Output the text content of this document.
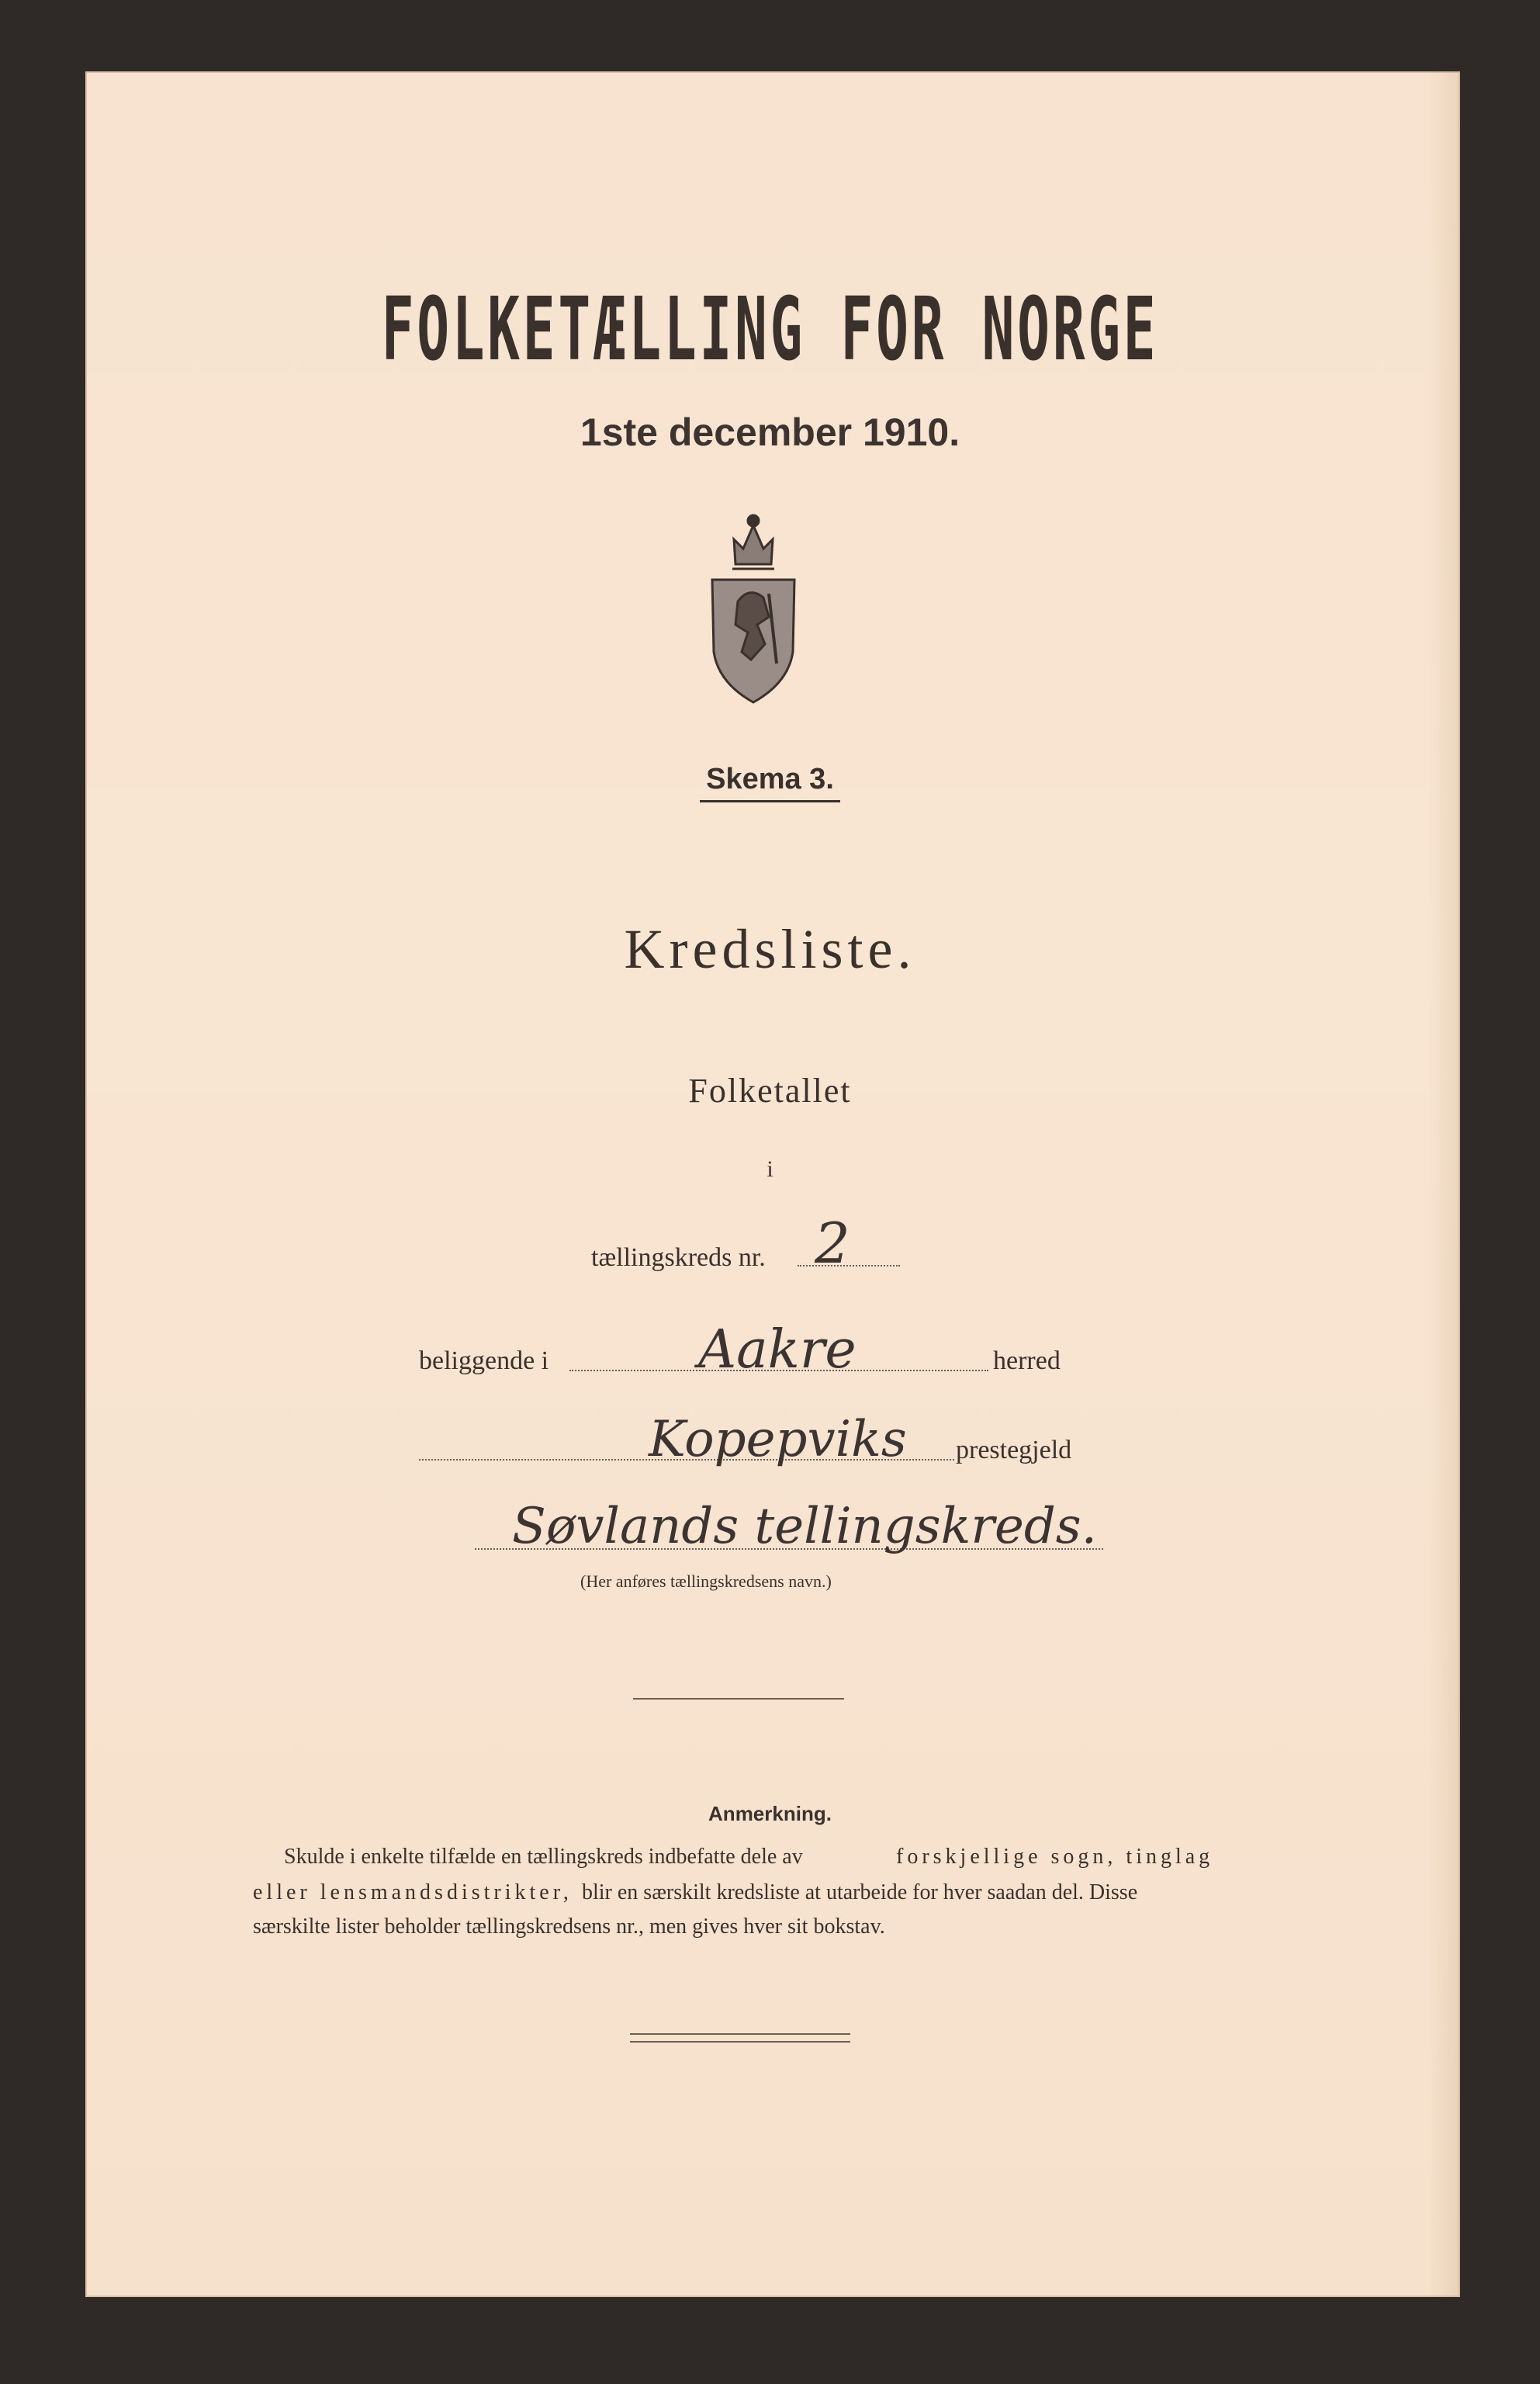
FOLKETÆLLING FOR NORGE
1ste december 1910.
Skema 3.
Kredsliste.
Folketallet
i
tællingskreds nr. 2
beliggende i	Aakre	herred
Kopерviks prestegjeld
Søvlands tellingskreds.
(Her anføres tællingskredsens navn.)
Anmerkning.
Skulde i enkelte tilfælde en tællingskreds indbefatte dele av	forskjellige sogn, tinglag
eller lensmandsdistrikter, blir en særskilt kredsliste at utarbeide for hver saadan del. Disse
særskilte lister beholder tællingskredsens nr., men gives hver sit bokstav.
